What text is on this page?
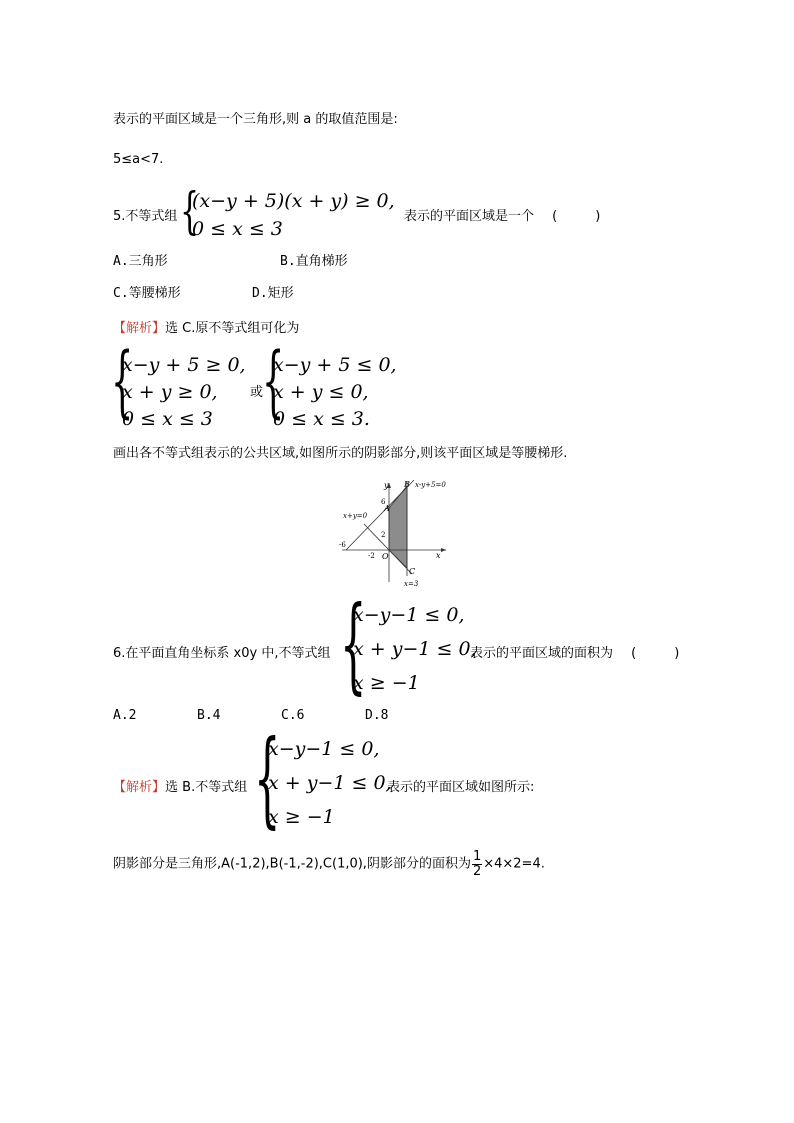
表示的平面区域是一个三角形,则 a 的取值范围是:
5≤a<7.
5.不等式组 {
(x−y + 5)(x + y) ≥ 0,
0 ≤ x ≤ 3
表示的平面区域是一个 (	)
A.三角形	B.直角梯形
C.等腰梯形	D.矩形
【解析】选 C.原不等式组可化为
{
x−y + 5 ≥ 0,
x + y ≥ 0,
0 ≤ x ≤ 3
或
{
x−y + 5 ≤ 0,
x + y ≤ 0,
0 ≤ x ≤ 3.
画出各不等式组表示的公共区域,如图所示的阴影部分,则该平面区域是等腰梯形.
y
x
B
A
C
O
x-y+5=0
x+y=0
x=3
6
2
-6
-2
6.在平面直角坐标系 x0y 中,不等式组 {
x−y−1 ≤ 0,
x + y−1 ≤ 0,
x ≥ −1
表示的平面区域的面积为 (	)
A.2	B.4	C.6	D.8
【解析】选 B.不等式组 {
x−y−1 ≤ 0,
x + y−1 ≤ 0,
x ≥ −1
表示的平面区域如图所示:
阴影部分是三角形,A(-1,2),B(-1,-2),C(1,0),阴影部分的面积为 $\frac{1}{2} \times 4\times 2=4$.
